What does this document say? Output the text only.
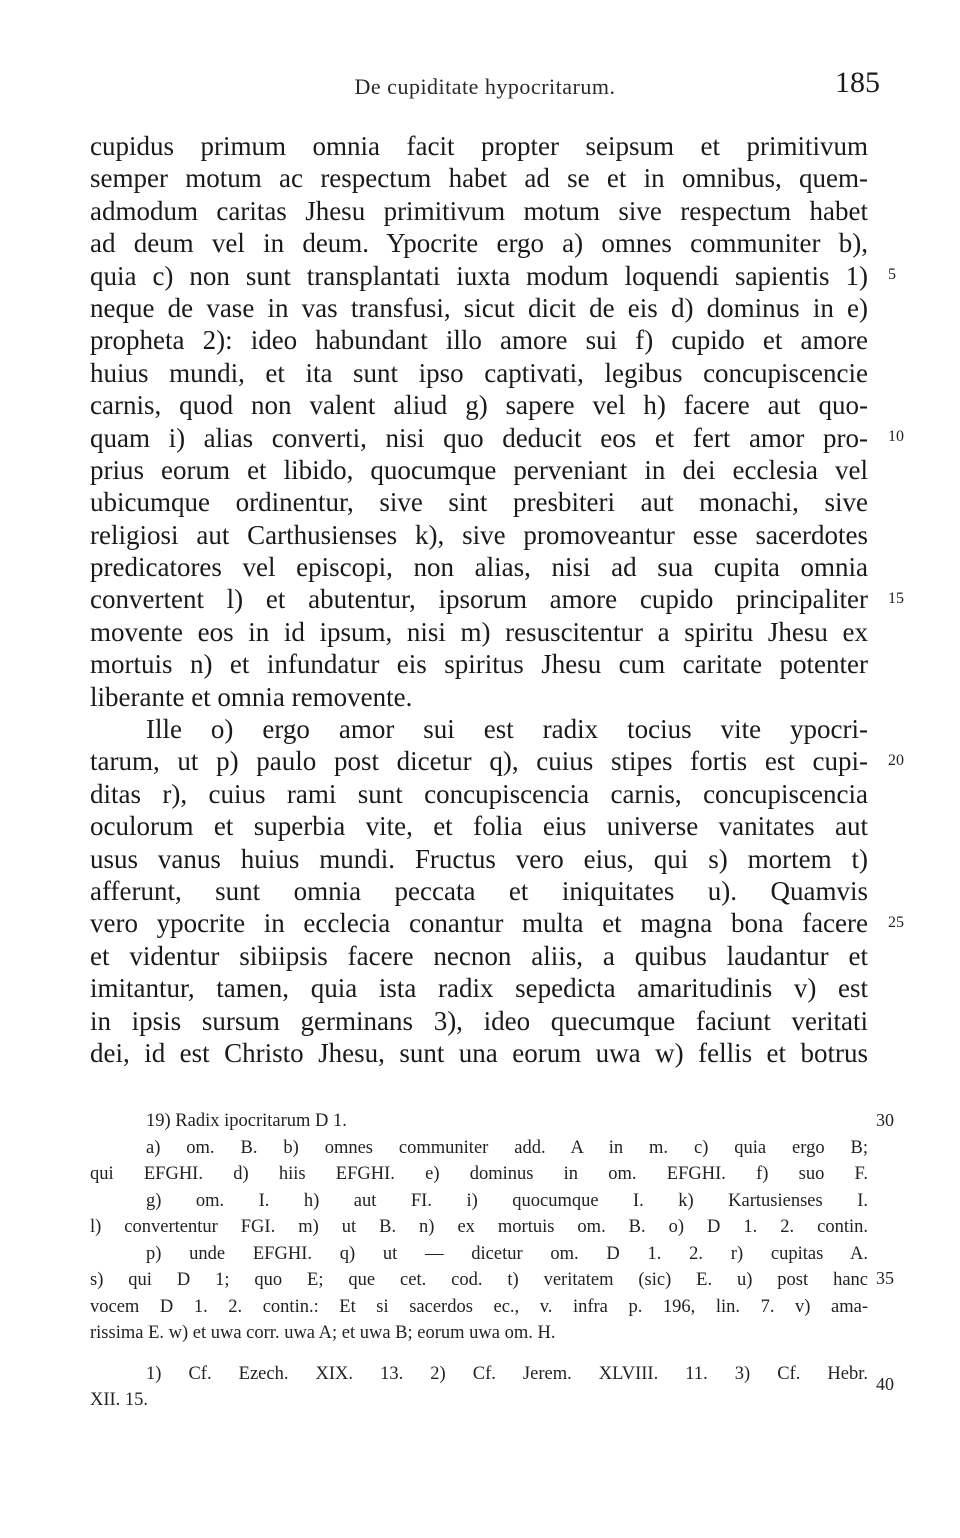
De cupiditate hypocritarum.	185
cupidus primum omnia facit propter seipsum et primitivum
semper motum ac respectum habet ad se et in omnibus, quem-
admodum caritas Jhesu primitivum motum sive respectum habet
ad deum vel in deum. Ypocrite ergo a) omnes communiter b),
quia c) non sunt transplantati iuxta modum loquendi sapientis 1)
neque de vase in vas transfusi, sicut dicit de eis d) dominus in e)
propheta 2): ideo habundant illo amore sui f) cupido et amore
huius mundi, et ita sunt ipso captivati, legibus concupiscencie
carnis, quod non valent aliud g) sapere vel h) facere aut quo-
quam i) alias converti, nisi quo deducit eos et fert amor pro-
prius eorum et libido, quocumque perveniant in dei ecclesia vel
ubicumque ordinentur, sive sint presbiteri aut monachi, sive
religiosi aut Carthusienses k), sive promoveantur esse sacerdotes
predicatores vel episcopi, non alias, nisi ad sua cupita omnia
convertent l) et abutentur, ipsorum amore cupido principaliter
movente eos in id ipsum, nisi m) resuscitentur a spiritu Jhesu ex
mortuis n) et infundatur eis spiritus Jhesu cum caritate potenter
liberante et omnia removente.
Ille o) ergo amor sui est radix tocius vite ypocri-
tarum, ut p) paulo post dicetur q), cuius stipes fortis est cupi-
ditas r), cuius rami sunt concupiscencia carnis, concupiscencia
oculorum et superbia vite, et folia eius universe vanitates aut
usus vanus huius mundi. Fructus vero eius, qui s) mortem t)
afferunt, sunt omnia peccata et iniquitates u). Quamvis
vero ypocrite in ecclecia conantur multa et magna bona facere
et videntur sibiipsis facere necnon aliis, a quibus laudantur et
imitantur, tamen, quia ista radix sepedicta amaritudinis v) est
in ipsis sursum germinans 3), ideo quecumque faciunt veritati
dei, id est Christo Jhesu, sunt una eorum uwa w) fellis et botrus
5
10
15
20
25
19) Radix ipocritarum D 1.
a) om. B. b) omnes communiter add. A in m. c) quia ergo B;
qui EFGHI. d) hiis EFGHI. e) dominus in om. EFGHI. f) suo F.
g) om. I. h) aut FI. i) quocumque I. k) Kartusienses I.
l) convertentur FGI. m) ut B. n) ex mortuis om. B. o) D 1. 2. contin.
p) unde EFGHI. q) ut — dicetur om. D 1. 2. r) cupitas A.
s) qui D 1; quo E; que cet. cod. t) veritatem (sic) E. u) post hanc
vocem D 1. 2. contin.: Et si sacerdos ec., v. infra p. 196, lin. 7. v) ama-
rissima E. w) et uwa corr. uwa A; et uwa B; eorum uwa om. H.
1) Cf. Ezech. XIX. 13. 2) Cf. Jerem. XLVIII. 11. 3) Cf. Hebr.
XII. 15.
30
35
40
